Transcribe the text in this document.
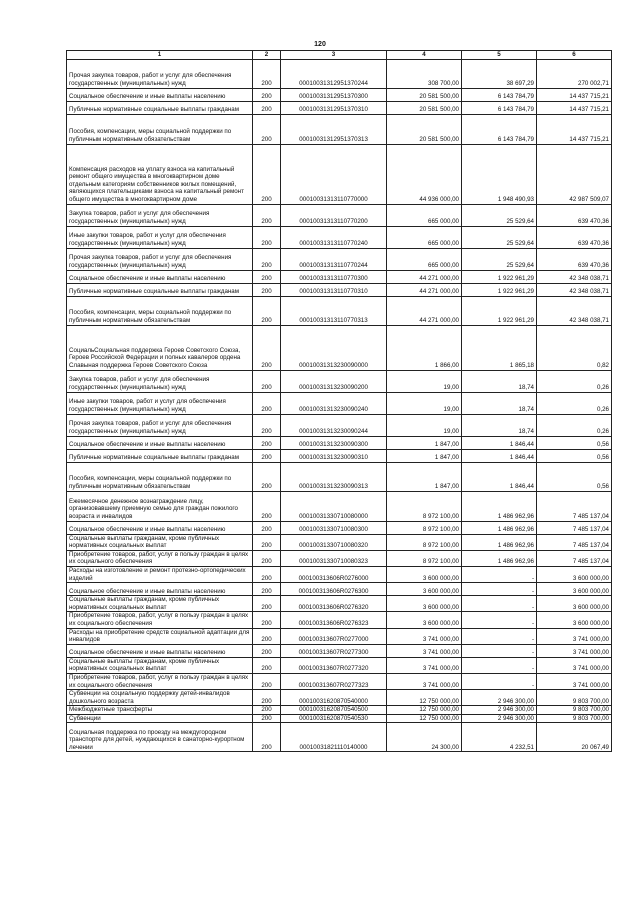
120
1	2	3	4	5	6
Прочая закупка товаров, работ и услуг для обеспечения государственных (муниципальных) нужд	200	00010031312951370244	308 700,00	38 697,29	270 002,71
Социальное обеспечение и иные выплаты населению	200	00010031312951370300	20 581 500,00	6 143 784,79	14 437 715,21
Публичные нормативные социальные выплаты гражданам	200	00010031312951370310	20 581 500,00	6 143 784,79	14 437 715,21
Пособия, компенсации, меры социальной поддержки по публичным нормативным обязательствам	200	00010031312951370313	20 581 500,00	6 143 784,79	14 437 715,21
Компенсация расходов на уплату взноса на капитальный ремонт общего имущества в многоквартирном доме отдельным категориям собственников жилых помещений, являющихся плательщиками взноса на капитальный ремонт общего имущества в многоквартирном доме	200	00010031313110770000	44 936 000,00	1 948 490,93	42 987 509,07
Закупка товаров, работ и услуг для обеспечения государственных (муниципальных) нужд	200	00010031313110770200	665 000,00	25 529,64	639 470,36
Иные закупки товаров, работ и услуг для обеспечения государственных (муниципальных) нужд	200	00010031313110770240	665 000,00	25 529,64	639 470,36
Прочая закупка товаров, работ и услуг для обеспечения государственных (муниципальных) нужд	200	00010031313110770244	665 000,00	25 529,64	639 470,36
Социальное обеспечение и иные выплаты населению	200	00010031313110770300	44 271 000,00	1 922 961,29	42 348 038,71
Публичные нормативные социальные выплаты гражданам	200	00010031313110770310	44 271 000,00	1 922 961,29	42 348 038,71
Пособия, компенсации, меры социальной поддержки по публичным нормативным обязательствам	200	00010031313110770313	44 271 000,00	1 922 961,29	42 348 038,71
СоциальСоциальная поддержка Героев Советского Союза, Героев Российской Федерации и полных кавалеров ордена Славыная поддержка Героев Советского Союза	200	00010031313230090000	1 866,00	1 865,18	0,82
Закупка товаров, работ и услуг для обеспечения государственных (муниципальных) нужд	200	00010031313230090200	19,00	18,74	0,26
Иные закупки товаров, работ и услуг для обеспечения государственных (муниципальных) нужд	200	00010031313230090240	19,00	18,74	0,26
Прочая закупка товаров, работ и услуг для обеспечения государственных (муниципальных) нужд	200	00010031313230090244	19,00	18,74	0,26
Социальное обеспечение и иные выплаты населению	200	00010031313230090300	1 847,00	1 846,44	0,56
Публичные нормативные социальные выплаты гражданам	200	00010031313230090310	1 847,00	1 846,44	0,56
Пособия, компенсации, меры социальной поддержки по публичным нормативным обязательствам	200	00010031313230090313	1 847,00	1 846,44	0,56
Ежемесячное денежное вознаграждение лицу, организовавшему приемную семью для граждан пожилого возраста и инвалидов	200	00010031330710080000	8 972 100,00	1 486 962,96	7 485 137,04
Социальное обеспечение и иные выплаты населению	200	00010031330710080300	8 972 100,00	1 486 962,96	7 485 137,04
Социальные выплаты гражданам, кроме публичных нормативных социальных выплат	200	00010031330710080320	8 972 100,00	1 486 962,96	7 485 137,04
Приобретение товаров, работ, услуг в пользу граждан в целях их социального обеспечения	200	00010031330710080323	8 972 100,00	1 486 962,96	7 485 137,04
Расходы на изготовление и ремонт протезно-ортопедических изделий	200	000100313606R0276000	3 600 000,00	-	3 600 000,00
Социальное обеспечение и иные выплаты населению	200	000100313606R0276300	3 600 000,00	-	3 600 000,00
Социальные выплаты гражданам, кроме публичных нормативных социальных выплат	200	000100313606R0276320	3 600 000,00	-	3 600 000,00
Приобретение товаров, работ, услуг в пользу граждан в целях их социального обеспечения	200	000100313606R0276323	3 600 000,00	-	3 600 000,00
Расходы на приобретение средств социальной адаптации для инвалидов	200	000100313607R0277000	3 741 000,00	-	3 741 000,00
Социальное обеспечение и иные выплаты населению	200	000100313607R0277300	3 741 000,00	-	3 741 000,00
Социальные выплаты гражданам, кроме публичных нормативных социальных выплат	200	000100313607R0277320	3 741 000,00	-	3 741 000,00
Приобретение товаров, работ, услуг в пользу граждан в целях их социального обеспечения	200	000100313607R0277323	3 741 000,00	-	3 741 000,00
Субвенции на социальную поддержку детей-инвалидов дошкольного возраста	200	00010031620870540000	12 750 000,00	2 946 300,00	9 803 700,00
Межбюджетные трансферты	200	00010031620870540500	12 750 000,00	2 946 300,00	9 803 700,00
Субвенции	200	00010031620870540530	12 750 000,00	2 946 300,00	9 803 700,00
Социальная поддержка по проезду на междугородном транспорте для детей, нуждающихся в санаторно-курортном лечении	200	00010031821110140000	24 300,00	4 232,51	20 067,49
